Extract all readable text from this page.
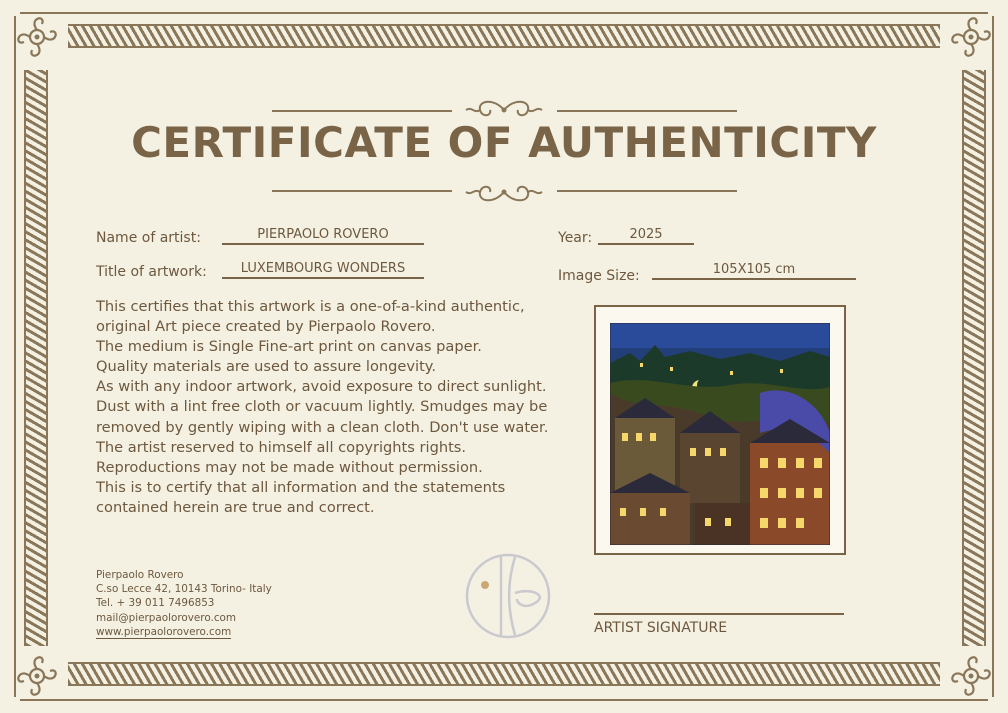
CERTIFICATE OF AUTHENTICITY
Name of artist:	PIERPAOLO ROVERO
Title of artwork:	LUXEMBOURG WONDERS
Year:	2025
Image Size:	105X105 cm
This certifies that this artwork is a one-of-a-kind authentic,
original Art piece created by Pierpaolo Rovero.
The medium is Single Fine-art print on canvas paper.
Quality materials are used to assure longevity.
As with any indoor artwork, avoid exposure to direct sunlight.
Dust with a lint free cloth or vacuum lightly. Smudges may be
removed by gently wiping with a clean cloth. Don't use water.
The artist reserved to himself all copyrights rights.
Reproductions may not be made without permission.
This is to certify that all information and the statements
contained herein are true and correct.
Pierpaolo Rovero
C.so Lecce 42, 10143 Torino- Italy
Tel. + 39 011 7496853
mail@pierpaolorovero.com
www.pierpaolorovero.com	ARTIST SIGNATURE
